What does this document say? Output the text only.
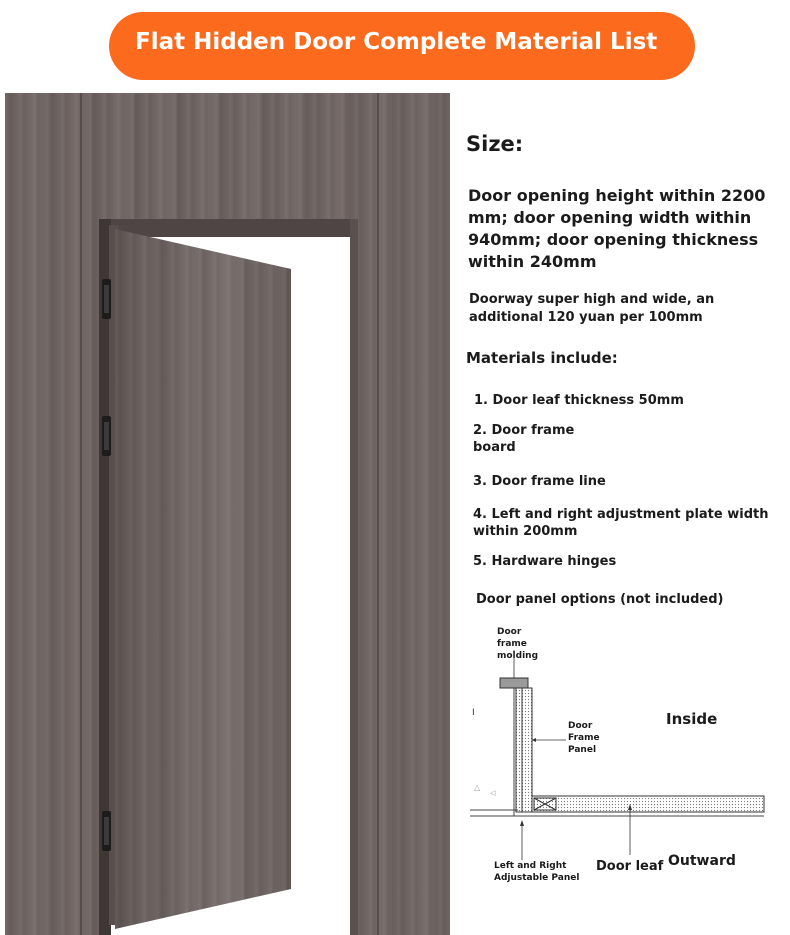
Flat Hidden Door Complete Material List
Size:
Door opening height within 2200 mm; door opening width within 940mm; door opening thickness within 240mm
Doorway super high and wide, an additional 120 yuan per 100mm
Materials include:
1. Door leaf thickness 50mm
2. Door frame board
3. Door frame line
4. Left and right adjustment plate width within 200mm
5. Hardware hinges
Door panel options (not included)
I
△
◁
Door frame molding
Door Frame Panel
Left and Right Adjustable Panel
Door leaf
Inside
Outward
